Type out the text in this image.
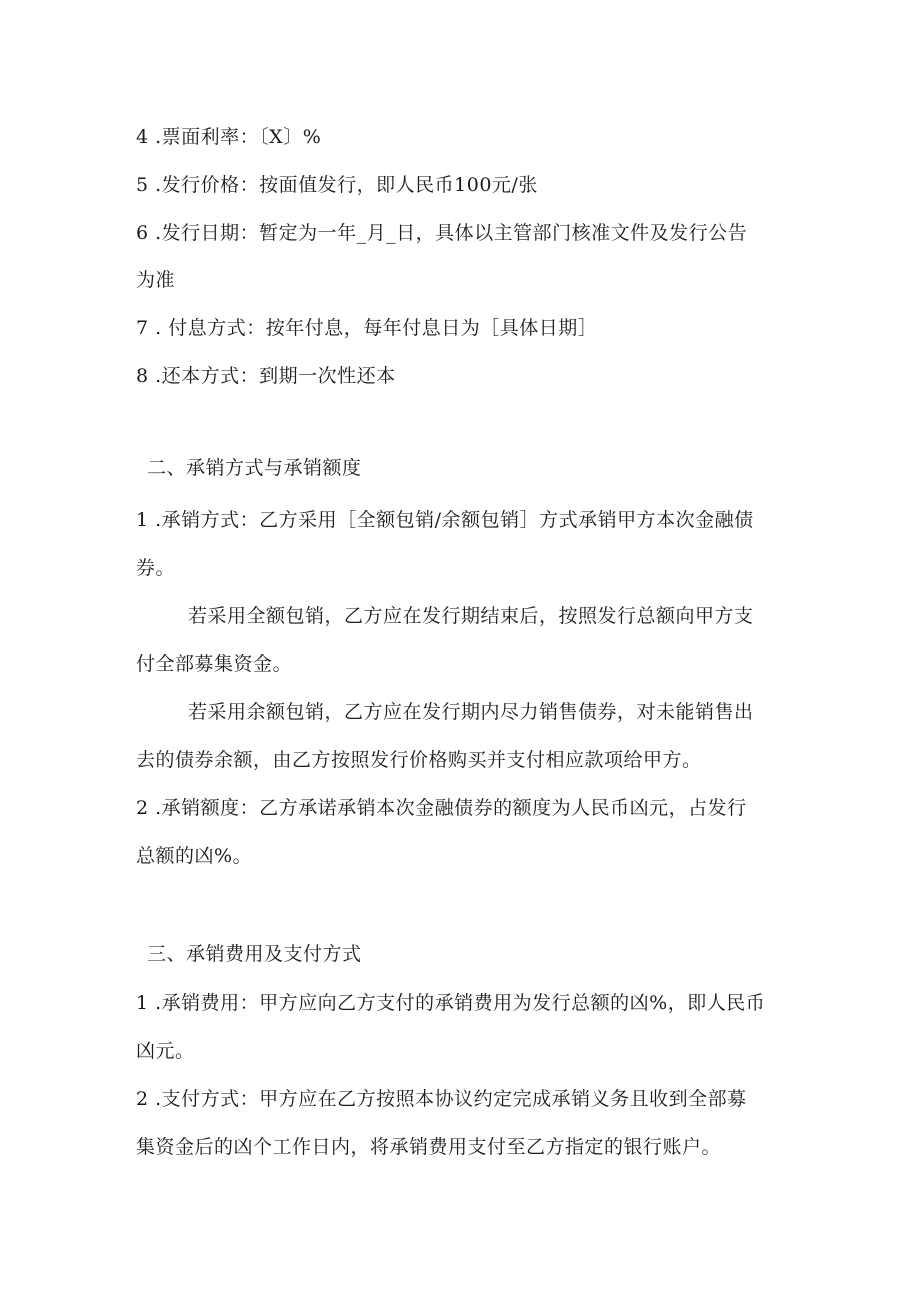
4 .票面利率：〔X〕%
5 .发行价格：按面值发行，即人民币100元/张
6 .发行日期：暂定为一年_月_日，具体以主管部门核准文件及发行公告
为准
7 . 付息方式：按年付息，每年付息日为［具体日期］
8 .还本方式：到期一次性还本
二、承销方式与承销额度
1 .承销方式：乙方采用［全额包销/余额包销］方式承销甲方本次金融债
券。
若采用全额包销，乙方应在发行期结束后，按照发行总额向甲方支
付全部募集资金。
若采用余额包销，乙方应在发行期内尽力销售债券，对未能销售出
去的债券余额，由乙方按照发行价格购买并支付相应款项给甲方。
2 .承销额度：乙方承诺承销本次金融债券的额度为人民币凶元，占发行
总额的凶%。
三、承销费用及支付方式
1 .承销费用：甲方应向乙方支付的承销费用为发行总额的凶%，即人民币
凶元。
2 .支付方式：甲方应在乙方按照本协议约定完成承销义务且收到全部募
集资金后的凶个工作日内，将承销费用支付至乙方指定的银行账户。
